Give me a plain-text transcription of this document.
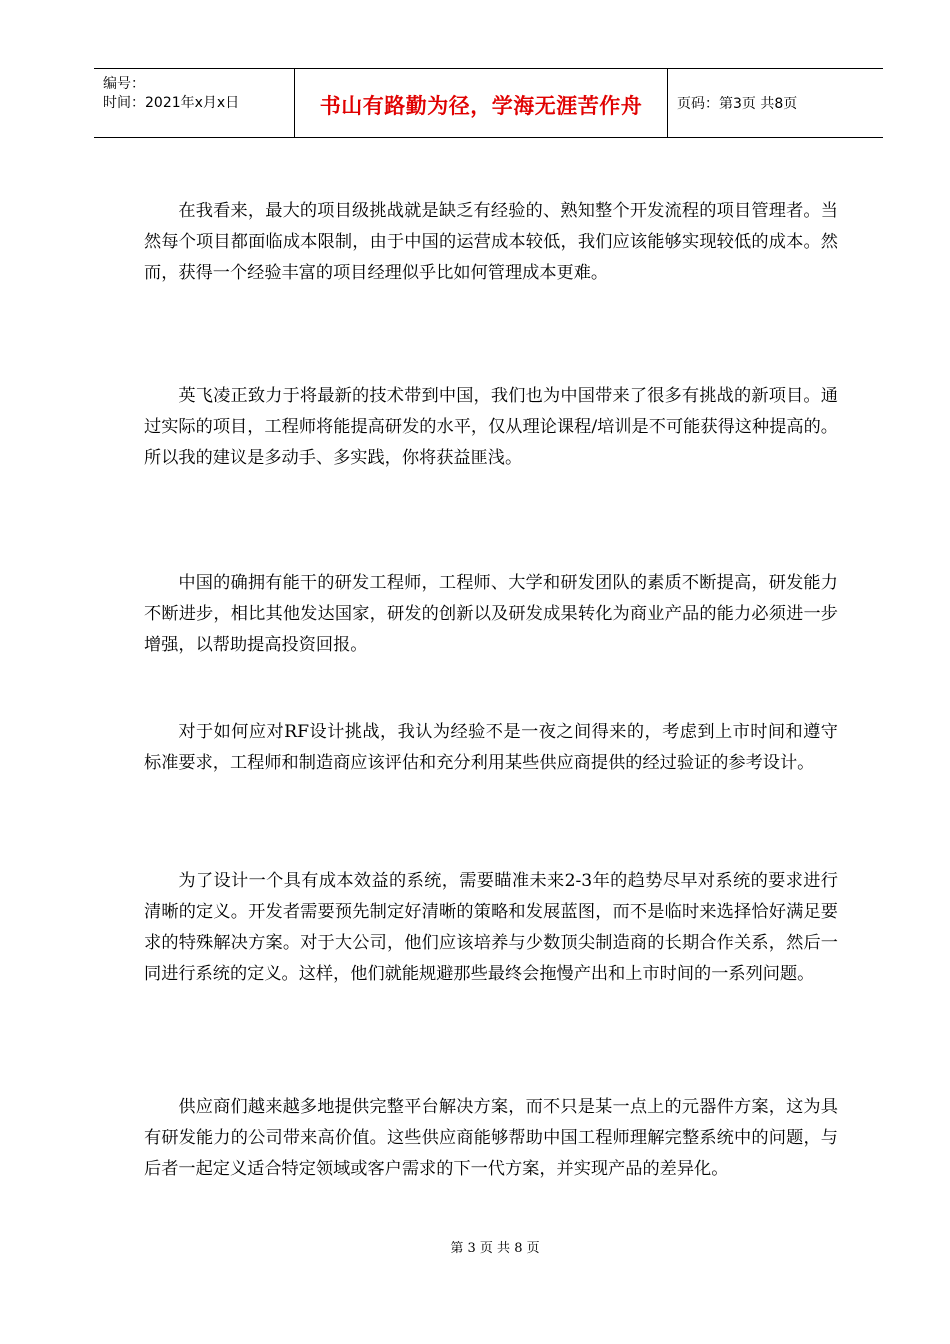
编号：
时间：2021年x月x日	书山有路勤为径，学海无涯苦作舟	页码：第3页 共8页

在我看来，最大的项目级挑战就是缺乏有经验的、熟知整个开发流程的项目管理者。当然每个项目都面临成本限制，由于中国的运营成本较低，我们应该能够实现较低的成本。然而，获得一个经验丰富的项目经理似乎比如何管理成本更难。

英飞凌正致力于将最新的技术带到中国，我们也为中国带来了很多有挑战的新项目。通过实际的项目，工程师将能提高研发的水平，仅从理论课程/培训是不可能获得这种提高的。所以我的建议是多动手、多实践，你将获益匪浅。

中国的确拥有能干的研发工程师，工程师、大学和研发团队的素质不断提高，研发能力不断进步，相比其他发达国家，研发的创新以及研发成果转化为商业产品的能力必须进一步增强，以帮助提高投资回报。

对于如何应对RF设计挑战，我认为经验不是一夜之间得来的，考虑到上市时间和遵守标准要求，工程师和制造商应该评估和充分利用某些供应商提供的经过验证的参考设计。

为了设计一个具有成本效益的系统，需要瞄准未来2-3年的趋势尽早对系统的要求进行清晰的定义。开发者需要预先制定好清晰的策略和发展蓝图，而不是临时来选择恰好满足要求的特殊解决方案。对于大公司，他们应该培养与少数顶尖制造商的长期合作关系，然后一同进行系统的定义。这样，他们就能规避那些最终会拖慢产出和上市时间的一系列问题。

供应商们越来越多地提供完整平台解决方案，而不只是某一点上的元器件方案，这为具有研发能力的公司带来高价值。这些供应商能够帮助中国工程师理解完整系统中的问题，与后者一起定义适合特定领域或客户需求的下一代方案，并实现产品的差异化。

第 3 页 共 8 页
